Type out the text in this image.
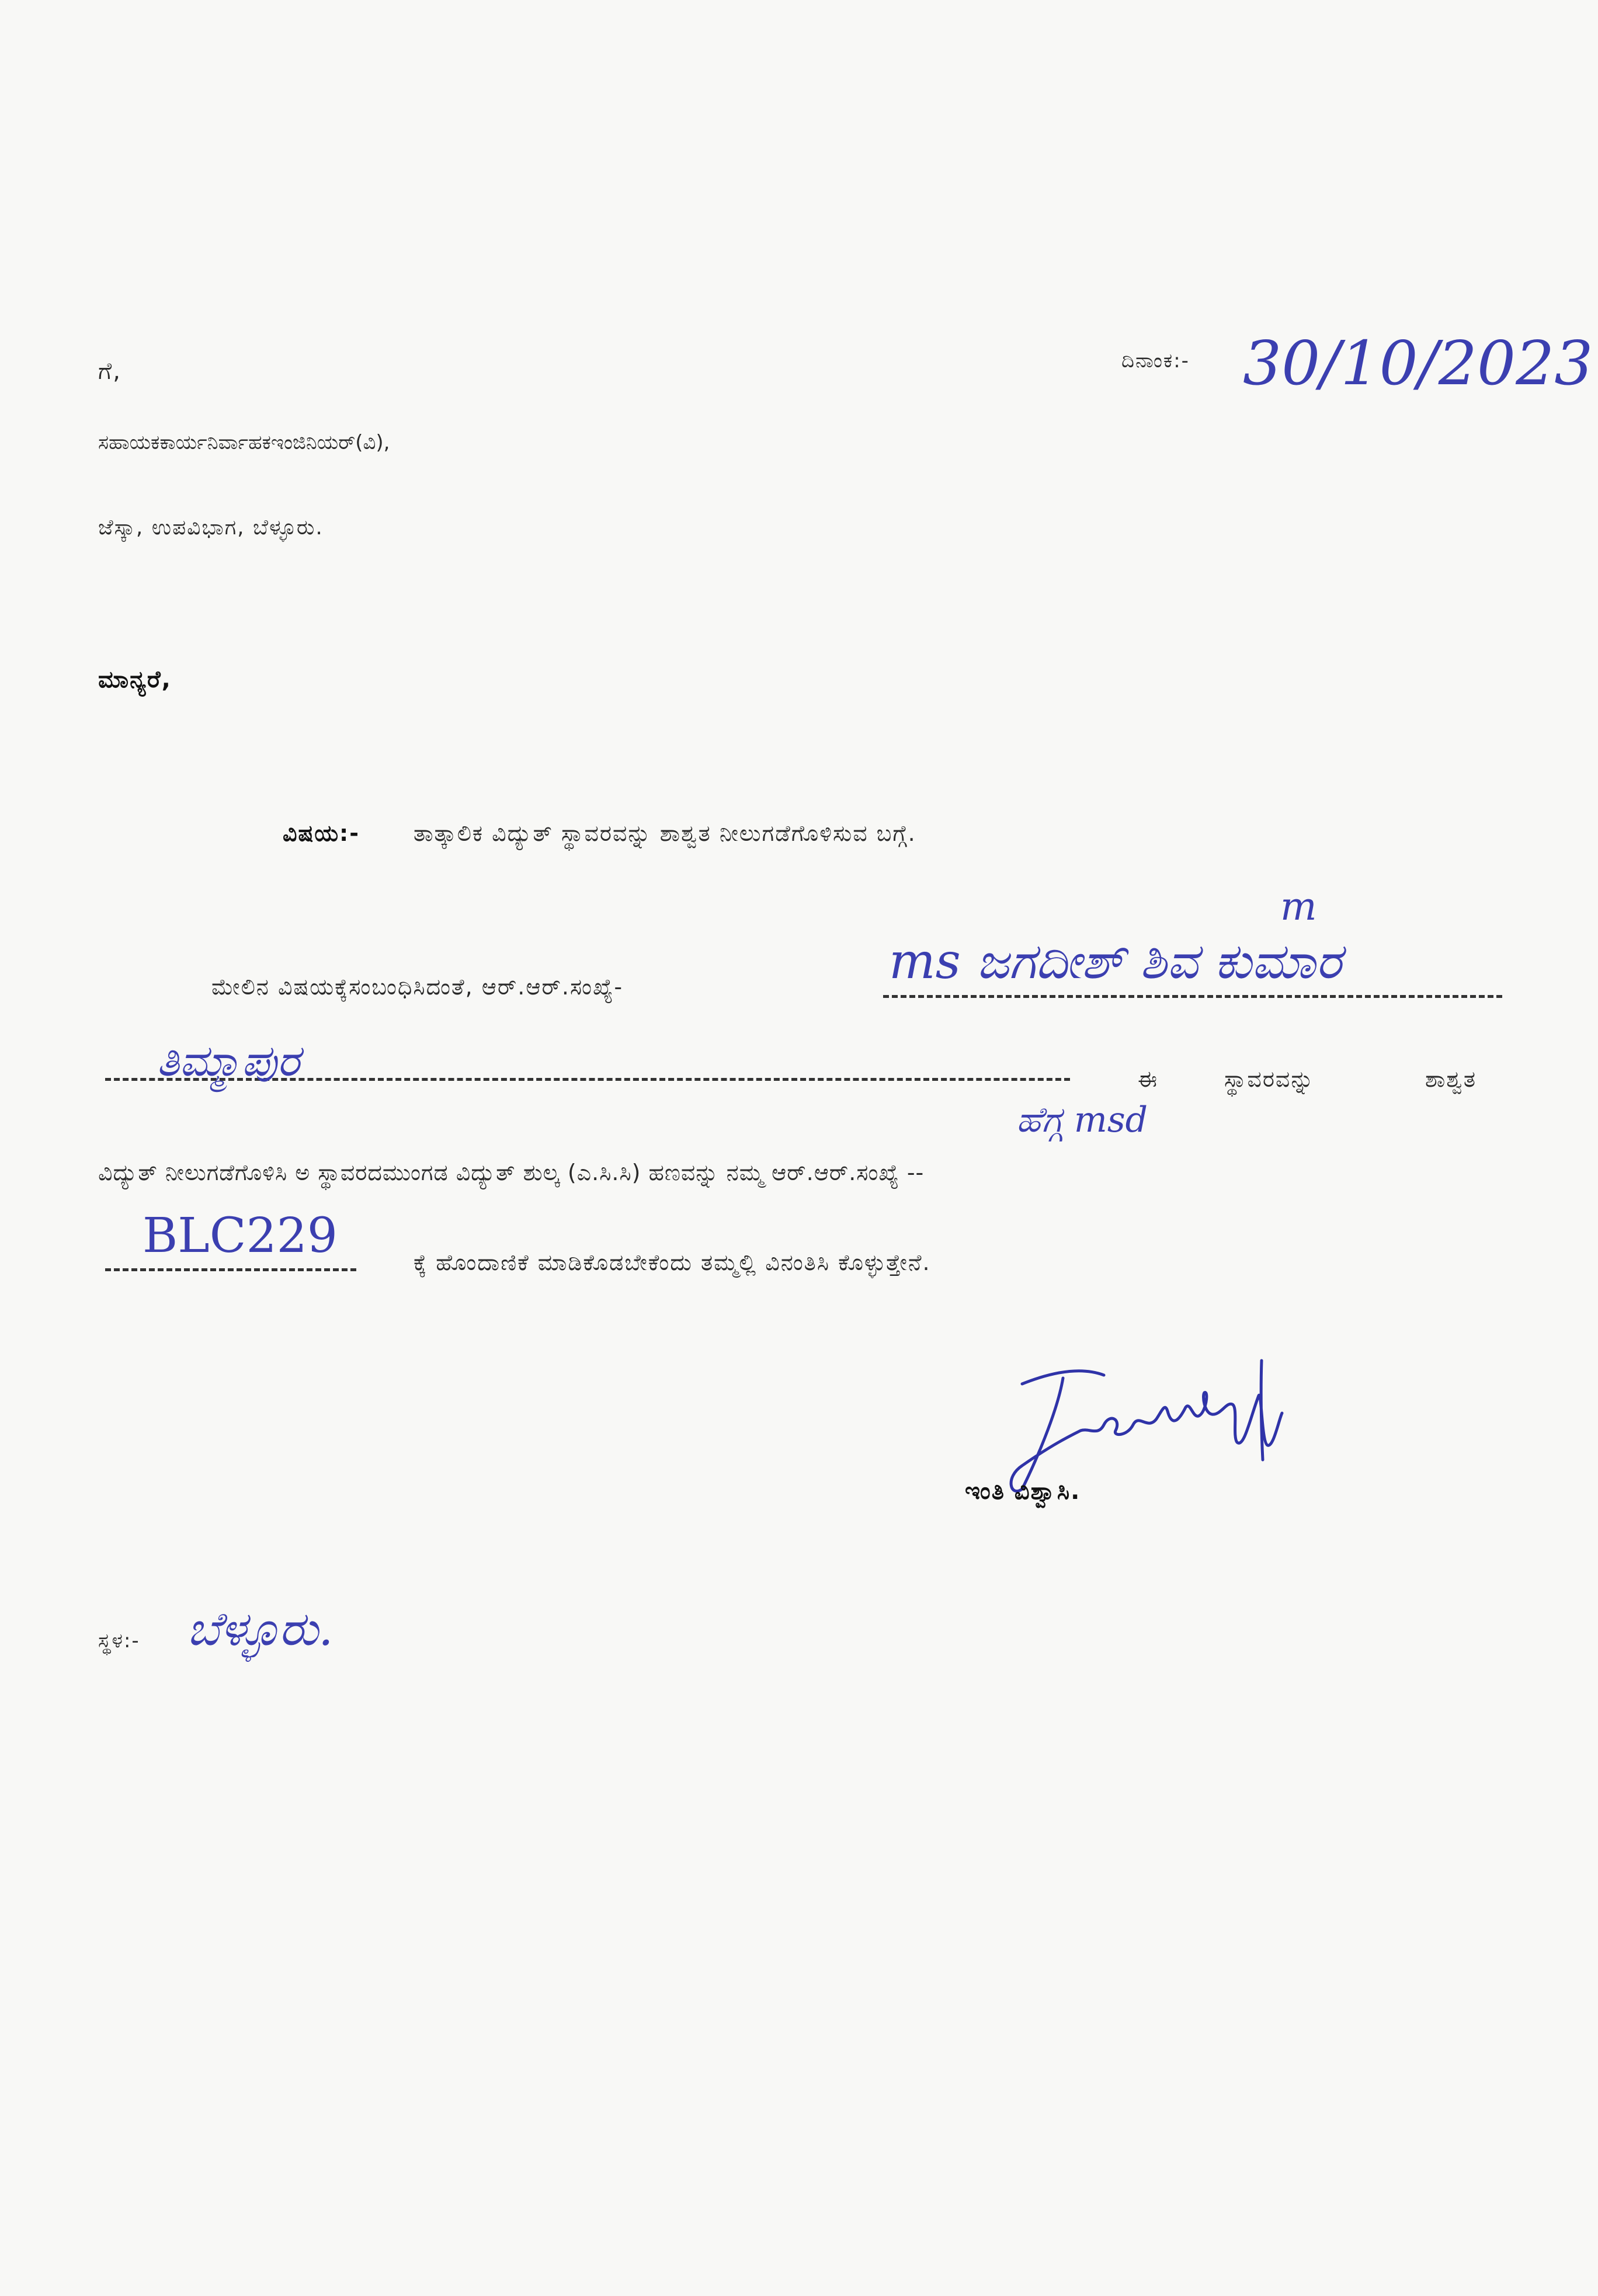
ಗೆ,	ದಿನಾಂಕ:- 30/10/2023
ಸಹಾಯಕಕಾರ್ಯನಿರ್ವಾಹಕಇಂಜಿನಿಯರ್(ವಿ),
ಜೆಸ್ಕಾ, ಉಪವಿಭಾಗ, ಬೆಳ್ಳೂರು.
ಮಾನ್ಯರೆ,
ವಿಷಯ:- ತಾತ್ಕಾಲಿಕ ವಿದ್ಯುತ್ ಸ್ಥಾವರವನ್ನು ಶಾಶ್ವತ ನೀಲುಗಡೆಗೊಳಿಸುವ ಬಗ್ಗೆ.
ಮೇಲಿನ ವಿಷಯಕ್ಕೆಸಂಬಂಧಿಸಿದಂತೆ, ಆರ್.ಆರ್.ಸಂಖ್ಯೆ-	ms ಜಗದೀಶ್ ಶಿವ ಕುಮಾರ
m
ತಿಮ್ಮಾಪುರ	ಈ	ಸ್ಥಾವರವನ್ನು	ಶಾಶ್ವತ
ಹೆಗ್ಗ msd
ವಿದ್ಯುತ್ ನೀಲುಗಡೆಗೊಳಿಸಿ ಅ ಸ್ಥಾವರದಮುಂಗಡ ವಿದ್ಯುತ್ ಶುಲ್ಕ (ಎ.ಸಿ.ಸಿ) ಹಣವನ್ನು ನಮ್ಮ ಆರ್.ಆರ್.ಸಂಖ್ಯೆ --
BLC229	ಕ್ಕೆ ಹೊಂದಾಣಿಕೆ ಮಾಡಿಕೊಡಬೇಕೆಂದು ತಮ್ಮಲ್ಲಿ ವಿನಂತಿಸಿ ಕೊಳ್ಳುತ್ತೇನೆ.
ಇಂತಿ ವಿಶ್ವಾಸಿ.
ಸ್ಥಳ:- ಬೆಳ್ಳೂರು.
